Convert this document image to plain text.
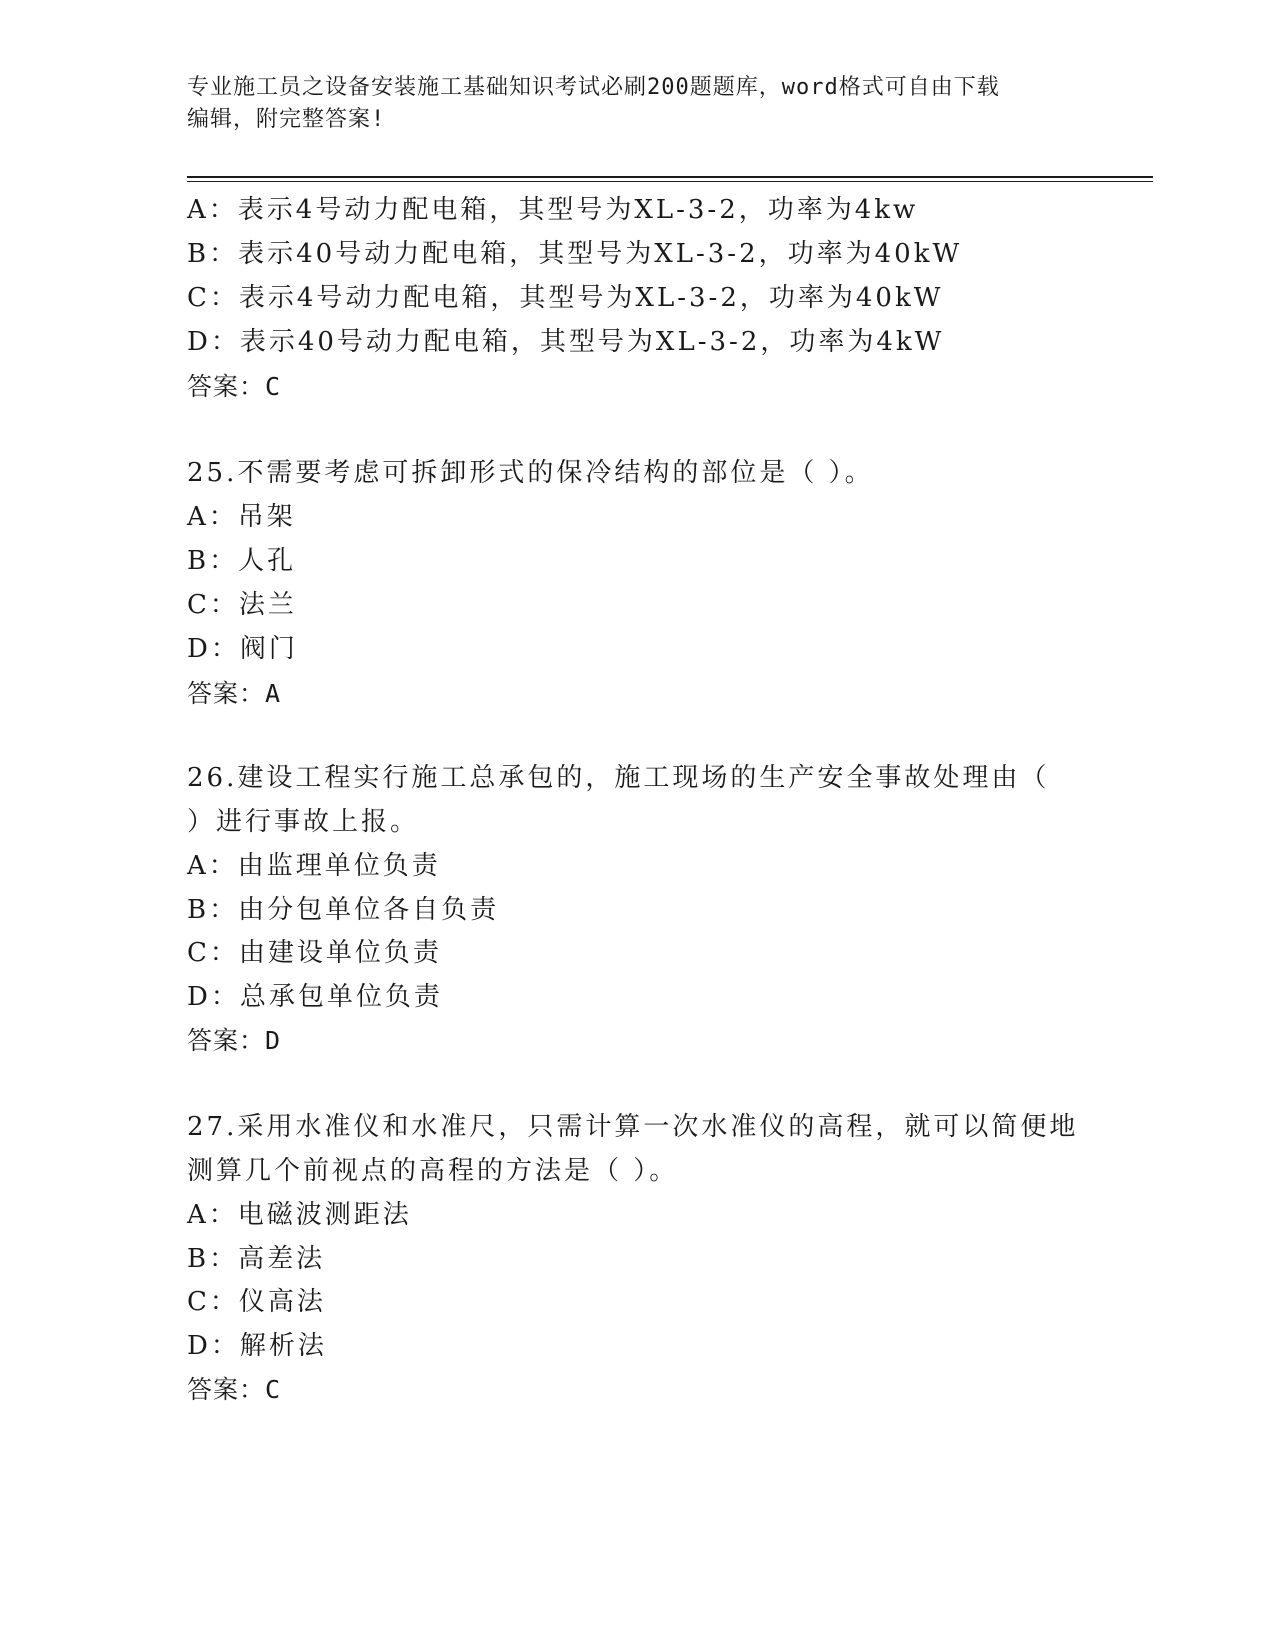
专业施工员之设备安装施工基础知识考试必刷200题题库，word格式可自由下载
编辑，附完整答案!
A：表示4号动力配电箱，其型号为XL-3-2，功率为4kw
B：表示40号动力配电箱，其型号为XL-3-2，功率为40kW
C：表示4号动力配电箱，其型号为XL-3-2，功率为40kW
D：表示40号动力配电箱，其型号为XL-3-2，功率为4kW
答案：C
25.不需要考虑可拆卸形式的保冷结构的部位是（ ）。
A：吊架
B：人孔
C：法兰
D：阀门
答案：A
26.建设工程实行施工总承包的，施工现场的生产安全事故处理由（
）进行事故上报。
A：由监理单位负责
B：由分包单位各自负责
C：由建设单位负责
D：总承包单位负责
答案：D
27.采用水准仪和水准尺，只需计算一次水准仪的高程，就可以简便地
测算几个前视点的高程的方法是（ ）。
A：电磁波测距法
B：高差法
C：仪高法
D：解析法
答案：C
